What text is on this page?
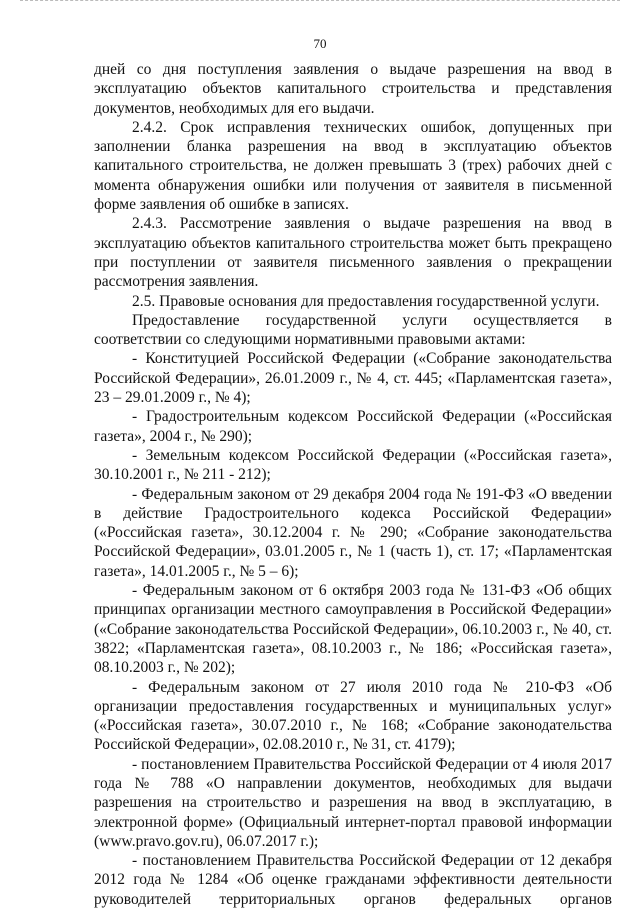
70

дней со дня поступления заявления о выдаче разрешения на ввод в эксплуатацию объектов капитального строительства и представления документов, необходимых для его выдачи.

2.4.2. Срок исправления технических ошибок, допущенных при заполнении бланка разрешения на ввод в эксплуатацию объектов капитального строительства, не должен превышать 3 (трех) рабочих дней с момента обнаружения ошибки или получения от заявителя в письменной форме заявления об ошибке в записях.

2.4.3. Рассмотрение заявления о выдаче разрешения на ввод в эксплуатацию объектов капитального строительства может быть прекращено при поступлении от заявителя письменного заявления о прекращении рассмотрения заявления.

2.5. Правовые основания для предоставления государственной услуги.

Предоставление государственной услуги осуществляется в соответствии со следующими нормативными правовыми актами:

- Конституцией Российской Федерации («Собрание законодательства Российской Федерации», 26.01.2009 г., № 4, ст. 445; «Парламентская газета», 23 – 29.01.2009 г., № 4);

- Градостроительным кодексом Российской Федерации («Российская газета», 2004 г., № 290);

- Земельным кодексом Российской Федерации («Российская газета», 30.10.2001 г., № 211 - 212);

- Федеральным законом от 29 декабря 2004 года № 191-ФЗ «О введении в действие Градостроительного кодекса Российской Федерации» («Российская газета», 30.12.2004 г. № 290; «Собрание законодательства Российской Федерации», 03.01.2005 г., № 1 (часть 1), ст. 17; «Парламентская газета», 14.01.2005 г., № 5 – 6);

- Федеральным законом от 6 октября 2003 года № 131-ФЗ «Об общих принципах организации местного самоуправления в Российской Федерации» («Собрание законодательства Российской Федерации», 06.10.2003 г., № 40, ст. 3822; «Парламентская газета», 08.10.2003 г., № 186; «Российская газета», 08.10.2003 г., № 202);

- Федеральным законом от 27 июля 2010 года № 210-ФЗ «Об организации предоставления государственных и муниципальных услуг» («Российская газета», 30.07.2010 г., № 168; «Собрание законодательства Российской Федерации», 02.08.2010 г., № 31, ст. 4179);

- постановлением Правительства Российской Федерации от 4 июля 2017 года № 788 «О направлении документов, необходимых для выдачи разрешения на строительство и разрешения на ввод в эксплуатацию, в электронной форме» (Официальный интернет-портал правовой информации (www.pravo.gov.ru), 06.07.2017 г.);

- постановлением Правительства Российской Федерации от 12 декабря 2012 года № 1284 «Об оценке гражданами эффективности деятельности руководителей территориальных органов федеральных органов
